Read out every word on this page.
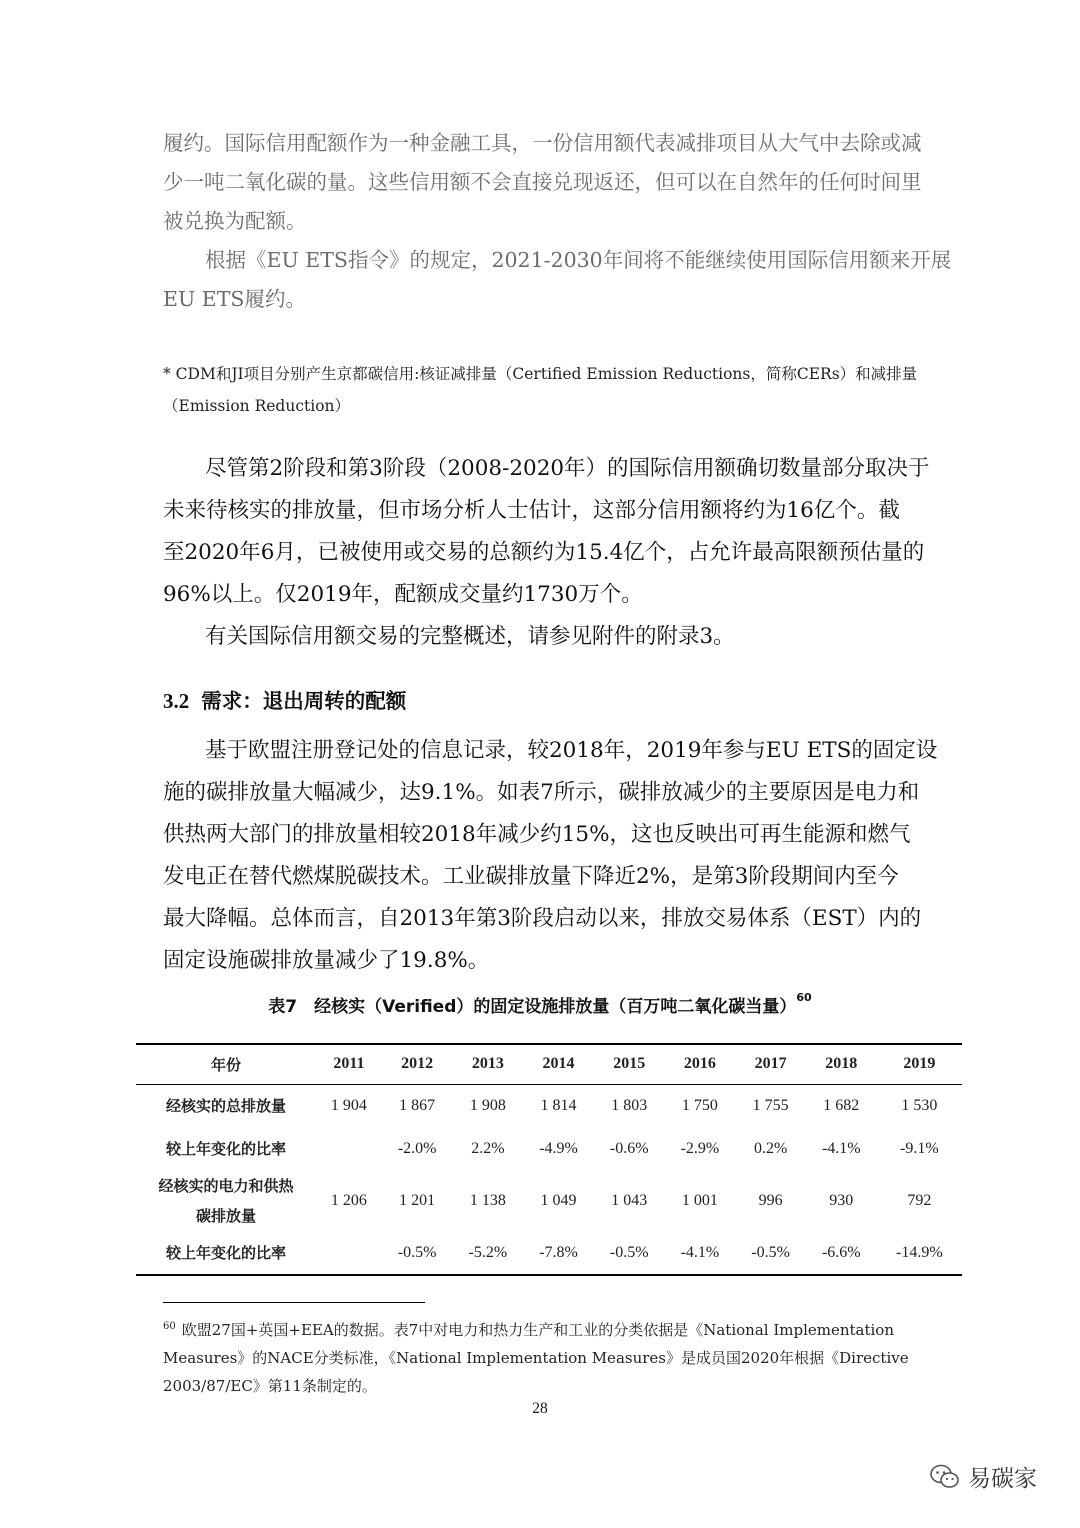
履约。国际信用配额作为一种金融工具，一份信用额代表减排项目从大气中去除或减
少一吨二氧化碳的量。这些信用额不会直接兑现返还，但可以在自然年的任何时间里
被兑换为配额。
根据《EU ETS指令》的规定，2021-2030年间将不能继续使用国际信用额来开展
EU ETS履约。
* CDM和JI项目分别产生京都碳信用:核证减排量（Certified Emission Reductions，简称CERs）和减排量
（Emission Reduction）
尽管第2阶段和第3阶段（2008-2020年）的国际信用额确切数量部分取决于
未来待核实的排放量，但市场分析人士估计，这部分信用额将约为16亿个。截
至2020年6月，已被使用或交易的总额约为15.4亿个，占允许最高限额预估量的
96%以上。仅2019年，配额成交量约1730万个。
有关国际信用额交易的完整概述，请参见附件的附录3。
3.2 需求：退出周转的配额
基于欧盟注册登记处的信息记录，较2018年，2019年参与EU ETS的固定设
施的碳排放量大幅减少，达9.1%。如表7所示，碳排放减少的主要原因是电力和
供热两大部门的排放量相较2018年减少约15%，这也反映出可再生能源和燃气
发电正在替代燃煤脱碳技术。工业碳排放量下降近2%，是第3阶段期间内至今
最大降幅。总体而言，自2013年第3阶段启动以来，排放交易体系（EST）内的
固定设施碳排放量减少了19.8%。
表7　经核实（Verified）的固定设施排放量（百万吨二氧化碳当量）$^{60}$
年份	2011	2012	2013	2014	2015	2016	2017	2018	2019
经核实的总排放量	1 904	1 867	1 908	1 814	1 803	1 750	1 755	1 682	1 530
较上年变化的比率		-2.0%	2.2%	-4.9%	-0.6%	-2.9%	0.2%	-4.1%	-9.1%

经核实的电力和供热
碳排放量	1 206	1 201	1 138	1 049	1 043	1 001	996	930	792
较上年变化的比率		-0.5%	-5.2%	-7.8%	-0.5%	-4.1%	-0.5%	-6.6%	-14.9%
$^{60}$ 欧盟27国+英国+EEA的数据。表7中对电力和热力生产和工业的分类依据是《National Implementation
Measures》的NACE分类标准，《National Implementation Measures》是成员国2020年根据《Directive
2003/87/EC》第11条制定的。
28
易碳家
